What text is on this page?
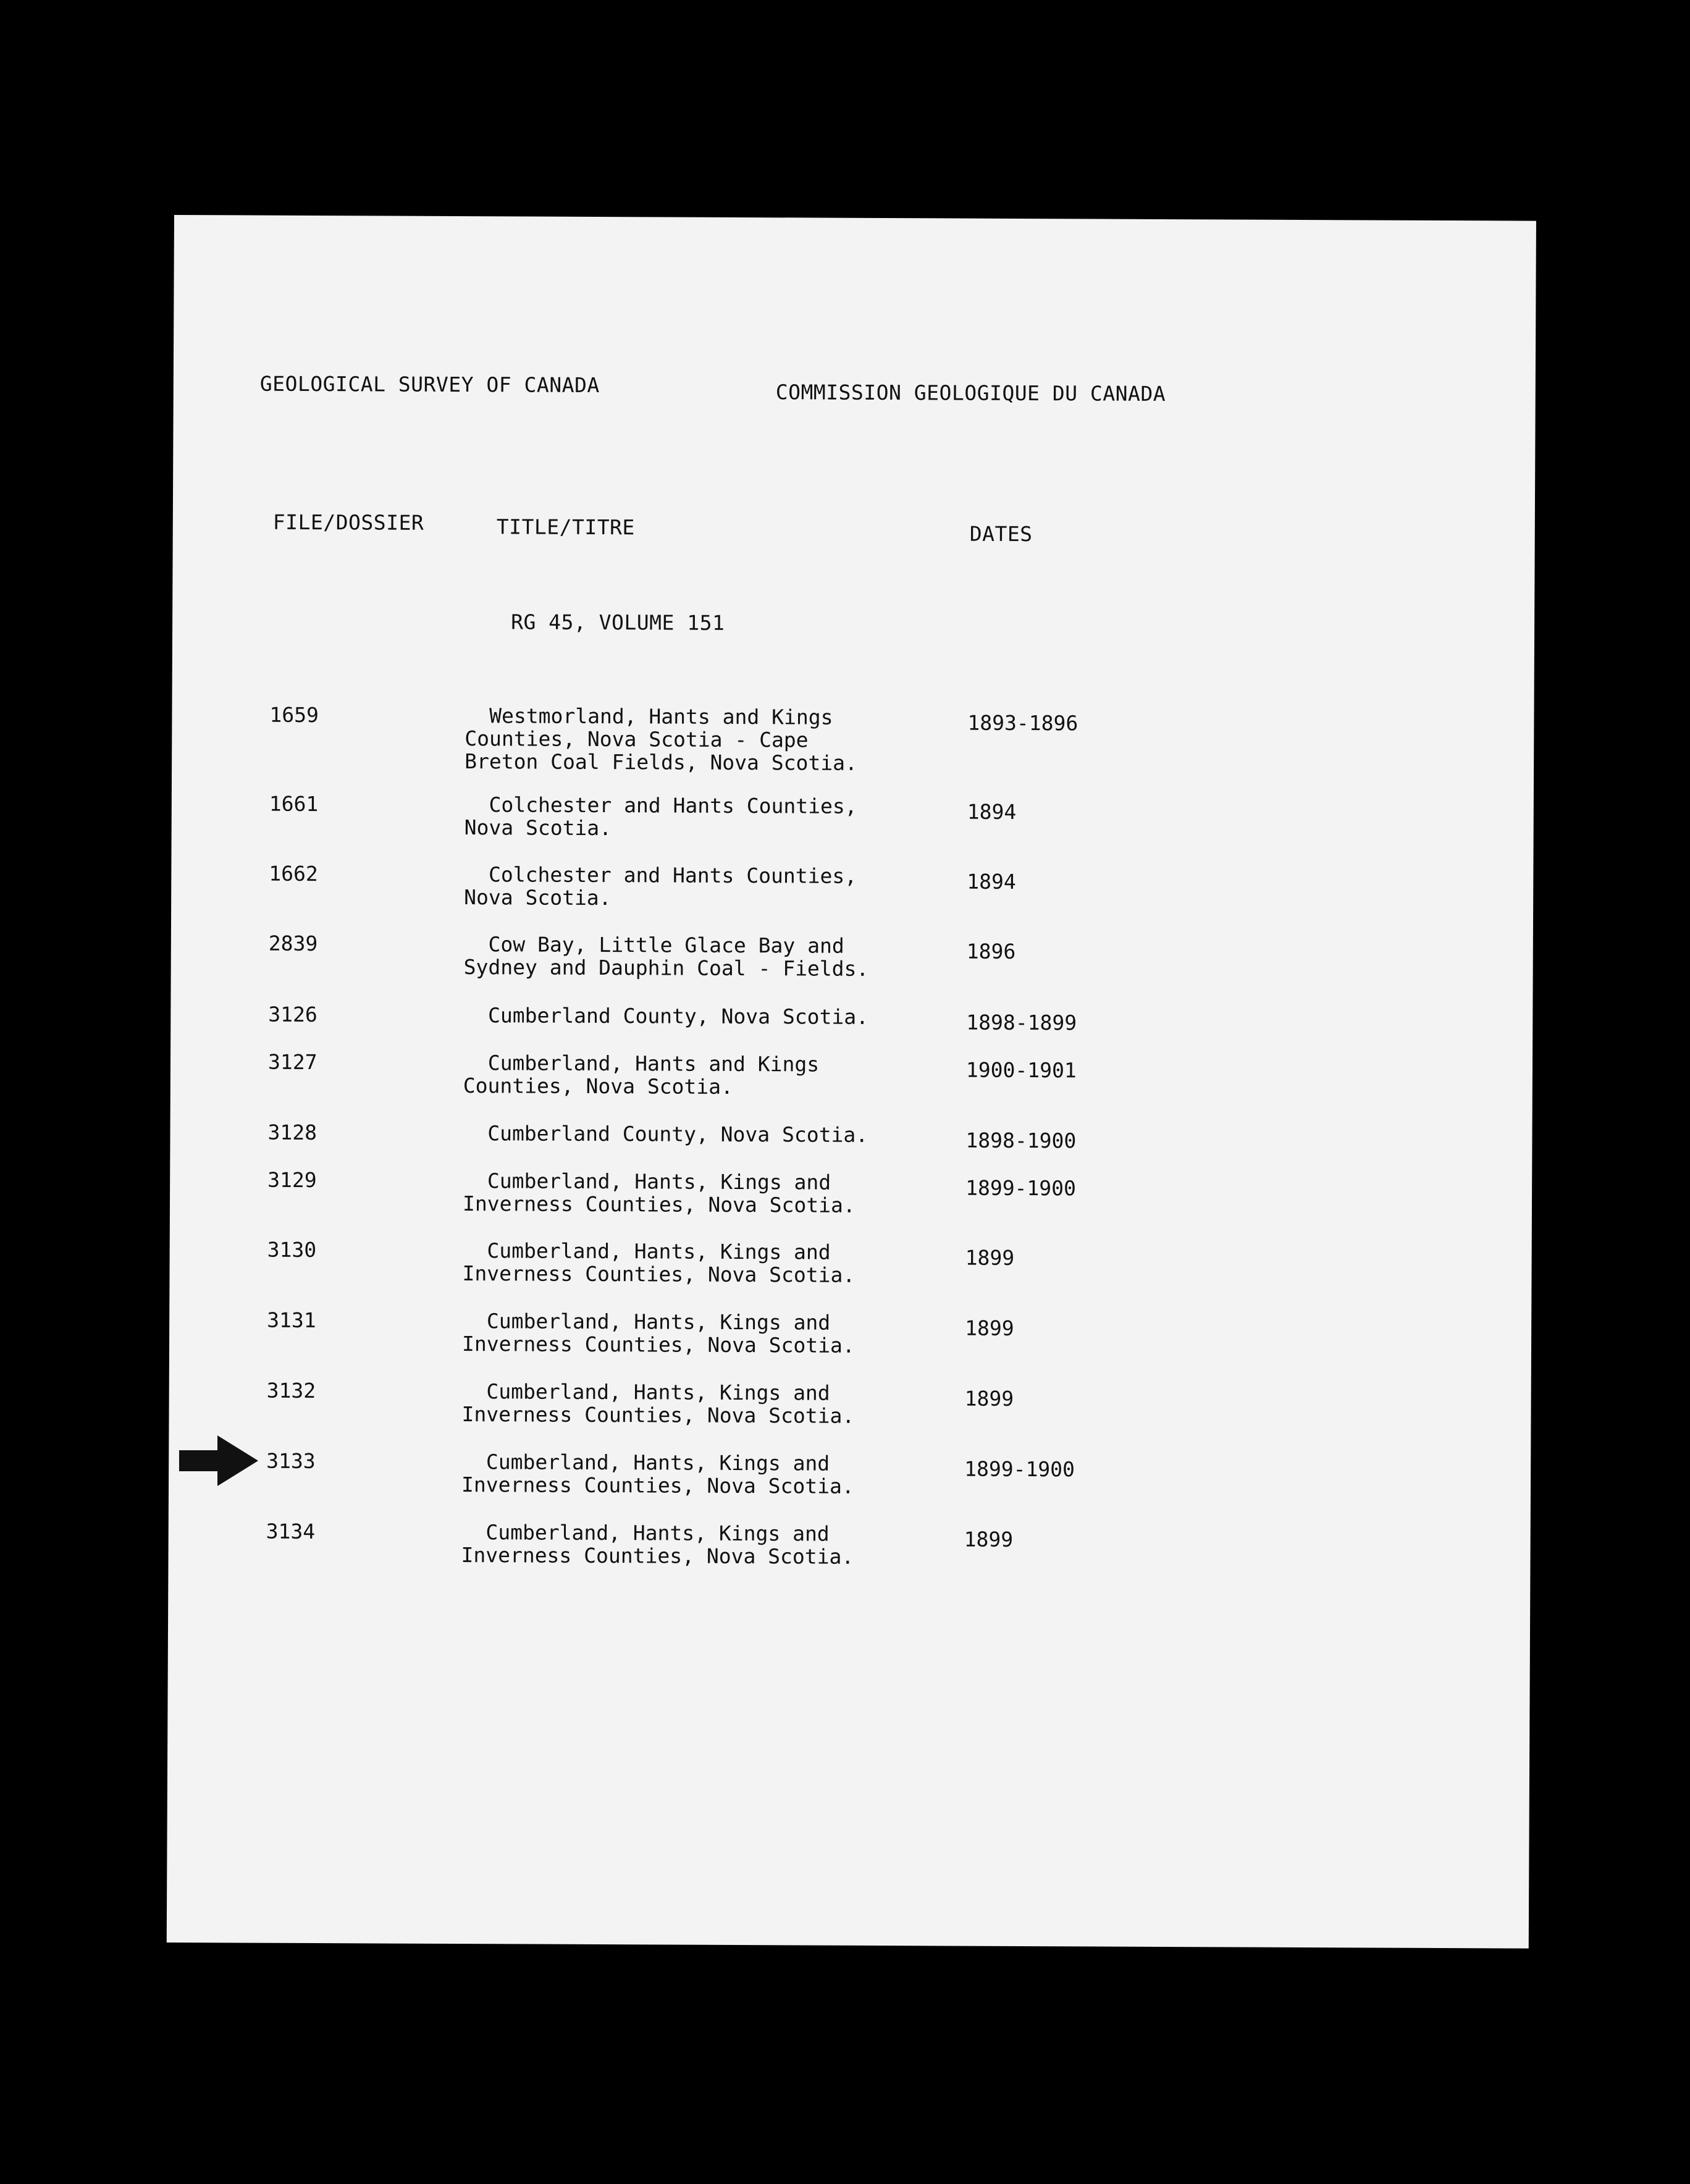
GEOLOGICAL SURVEY OF CANADA	COMMISSION GEOLOGIQUE DU CANADA
FILE/DOSSIER	TITLE/TITRE	DATES
RG 45, VOLUME 151
1659	Westmorland, Hants and Kings
Counties, Nova Scotia - Cape
Breton Coal Fields, Nova Scotia.
1893-1896
1661	Colchester and Hants Counties,
Nova Scotia.
1894
1662	Colchester and Hants Counties,
Nova Scotia.
1894
2839	Cow Bay, Little Glace Bay and
Sydney and Dauphin Coal - Fields.
1896
3126	Cumberland County, Nova Scotia.	1898-1899
3127	Cumberland, Hants and Kings
Counties, Nova Scotia.
1900-1901
3128	Cumberland County, Nova Scotia.	1898-1900
3129	Cumberland, Hants, Kings and
Inverness Counties, Nova Scotia.
1899-1900
3130	Cumberland, Hants, Kings and
Inverness Counties, Nova Scotia.
1899
3131	Cumberland, Hants, Kings and
Inverness Counties, Nova Scotia.
1899
3132	Cumberland, Hants, Kings and
Inverness Counties, Nova Scotia.
1899
3133	Cumberland, Hants, Kings and
Inverness Counties, Nova Scotia.
1899-1900
3134	Cumberland, Hants, Kings and
Inverness Counties, Nova Scotia.
1899
